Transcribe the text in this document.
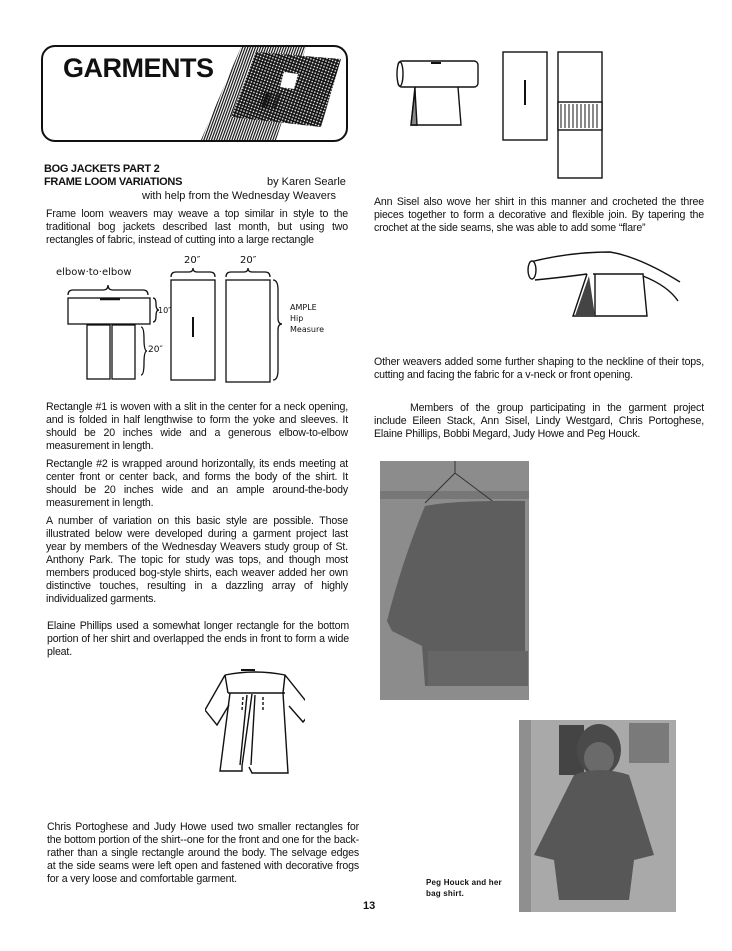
GARMENTS
BOG JACKETS PART 2
FRAME LOOM VARIATIONS	by Karen Searle
with help from the Wednesday Weavers
Frame loom weavers may weave a top similar in style to the traditional bog jackets described last month, but using two rectangles of fabric, instead of cutting into a large rectangle
elbow·to·elbow
20″	20″
10″
20″
AMPLE
Hip
Measure
Rectangle #1 is woven with a slit in the center for a neck opening, and is folded in half lengthwise to form the yoke and sleeves. It should be 20 inches wide and a generous elbow-to-elbow measurement in length.
Rectangle #2 is wrapped around horizontally, its ends meeting at center front or center back, and forms the body of the shirt. It should be 20 inches wide and an ample around-the-body measurement in length.
A number of variation on this basic style are possible. Those illustrated below were developed during a garment project last year by members of the Wednesday Weavers study group of St. Anthony Park. The topic for study was tops, and though most members produced bog-style shirts, each weaver added her own distinctive touches, resulting in a dazzling array of highly individualized garments.
Elaine Phillips used a somewhat longer rectangle for the bottom portion of her shirt and overlapped the ends in front to form a wide pleat.
Chris Portoghese and Judy Howe used two smaller rectangles for the bottom portion of the shirt--one for the front and one for the back- rather than a single rectangle around the body. The selvage edges at the side seams were left open and fastened with decorative frogs for a very loose and comfortable garment.
Ann Sisel also wove her shirt in this manner and crocheted the three pieces together to form a decorative and flexible join. By tapering the crochet at the side seams, she was able to add some “flare”
Other weavers added some further shaping to the neckline of their tops, cutting and facing the fabric for a v-neck or front opening.
Members of the group participating in the garment project include Eileen Stack, Ann Sisel, Lindy Westgard, Chris Portoghese, Elaine Phillips, Bobbi Megard, Judy Howe and Peg Houck.
Peg Houck and her
bag shirt.
13
